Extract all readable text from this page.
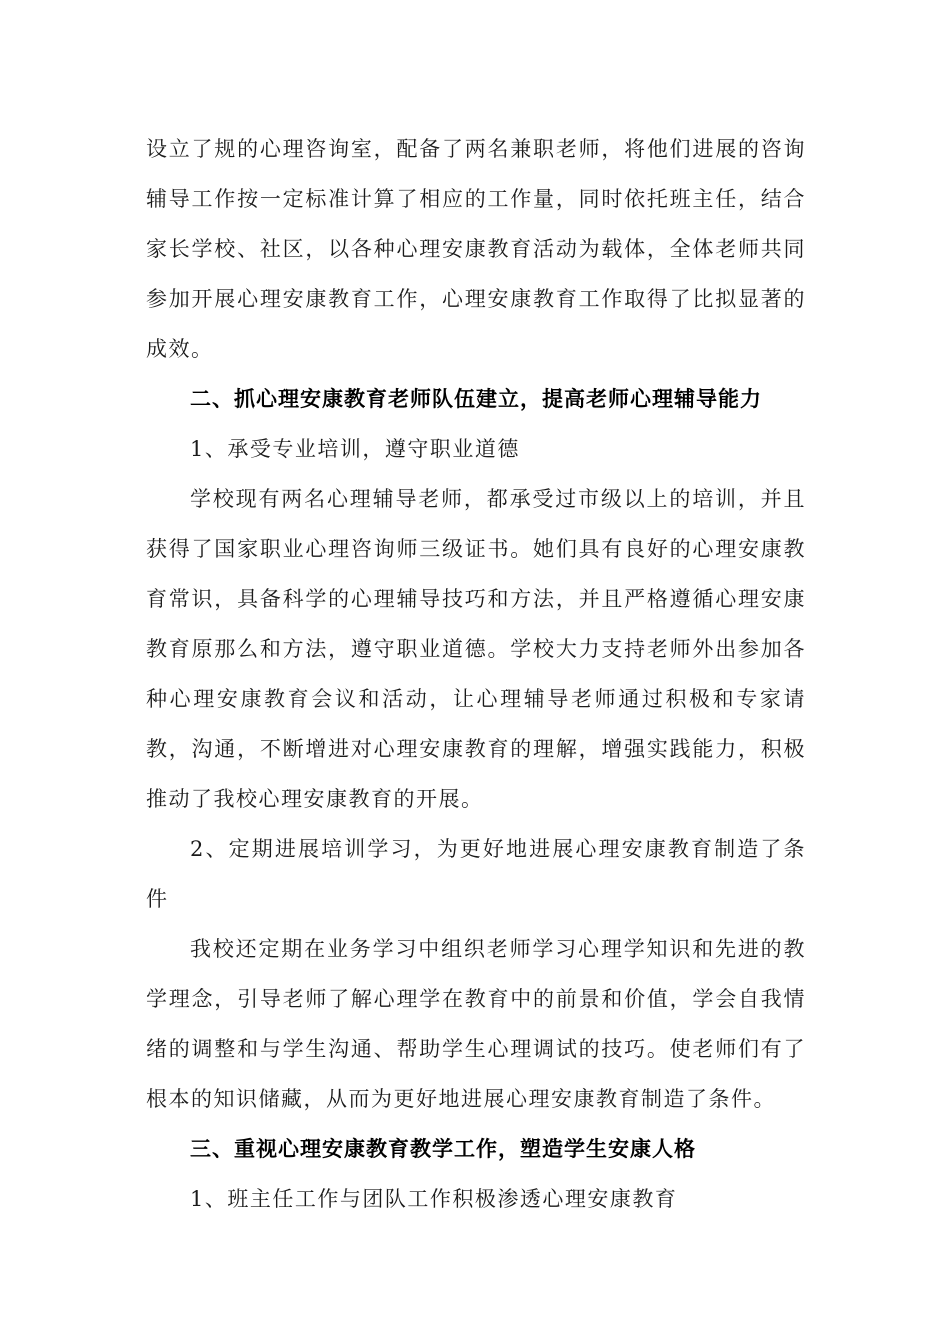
设立了规的心理咨询室，配备了两名兼职老师，将他们进展的咨询辅导工作按一定标准计算了相应的工作量，同时依托班主任，结合家长学校、社区，以各种心理安康教育活动为载体，全体老师共同参加开展心理安康教育工作，心理安康教育工作取得了比拟显著的成效。

二、抓心理安康教育老师队伍建立，提高老师心理辅导能力

1、承受专业培训，遵守职业道德

学校现有两名心理辅导老师，都承受过市级以上的培训，并且获得了国家职业心理咨询师三级证书。她们具有良好的心理安康教育常识，具备科学的心理辅导技巧和方法，并且严格遵循心理安康教育原那么和方法，遵守职业道德。学校大力支持老师外出参加各种心理安康教育会议和活动，让心理辅导老师通过积极和专家请教，沟通，不断增进对心理安康教育的理解，增强实践能力，积极推动了我校心理安康教育的开展。

2、定期进展培训学习，为更好地进展心理安康教育制造了条件

我校还定期在业务学习中组织老师学习心理学知识和先进的教学理念，引导老师了解心理学在教育中的前景和价值，学会自我情绪的调整和与学生沟通、帮助学生心理调试的技巧。使老师们有了根本的知识储藏，从而为更好地进展心理安康教育制造了条件。

三、重视心理安康教育教学工作，塑造学生安康人格

1、班主任工作与团队工作积极渗透心理安康教育
